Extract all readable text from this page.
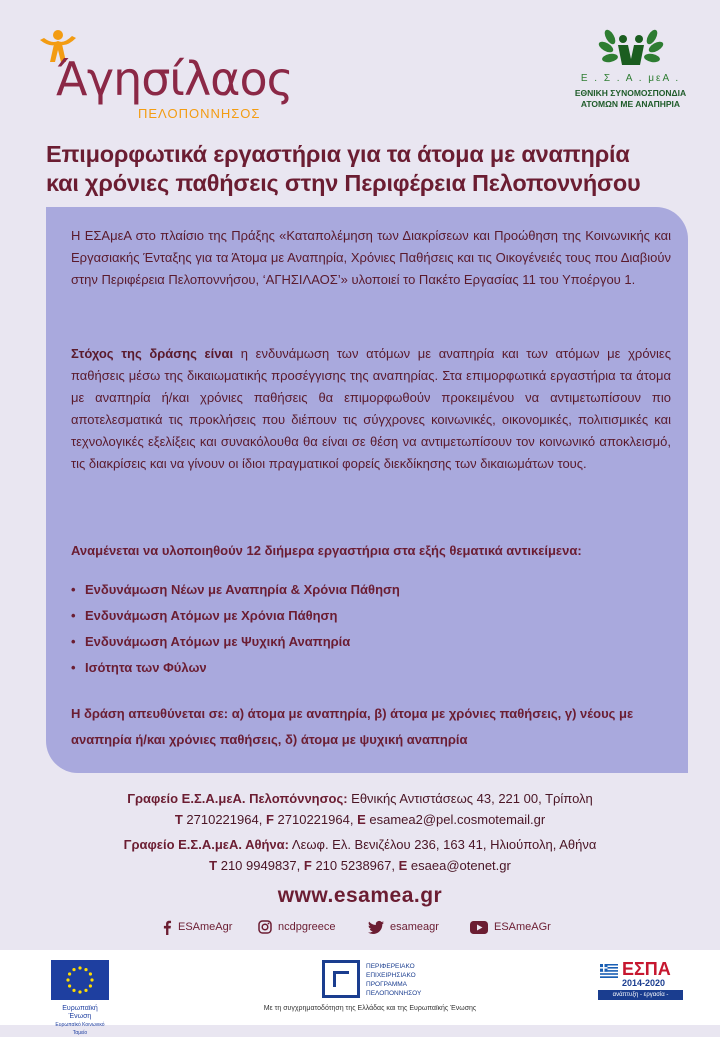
Άγησίλαος
ΠΕΛΟΠΟΝΝΗΣΟΣ
Ε . Σ . Α . μεΑ .
ΕΘΝΙΚΗ ΣΥΝΟΜΟΣΠΟΝΔΙΑ
ΑΤΟΜΩΝ ΜΕ ΑΝΑΠΗΡΙΑ
Επιμορφωτικά εργαστήρια για τα άτομα με αναπηρία
και χρόνιες παθήσεις στην Περιφέρεια Πελοποννήσου

Η ΕΣΑμεΑ στο πλαίσιο της Πράξης «Καταπολέμηση των Διακρίσεων και Προώθηση της Κοινωνικής και Εργασιακής Ένταξης για τα Άτομα με Αναπηρία, Χρόνιες Παθήσεις και τις Οικογένειές τους που Διαβιούν στην Περιφέρεια Πελοποννήσου, ‘ΑΓΗΣΙΛΑΟΣ’» υλοποιεί το Πακέτο Εργασίας 11 του Υποέργου 1.

Στόχος της δράσης είναι η ενδυνάμωση των ατόμων με αναπηρία και των ατόμων με χρόνιες παθήσεις μέσω της δικαιωματικής προσέγγισης της αναπηρίας. Στα επιμορφωτικά εργαστήρια τα άτομα με αναπηρία ή/και χρόνιες παθήσεις θα επιμορφωθούν προκειμένου να αντιμετωπίσουν πιο αποτελεσματικά τις προκλήσεις που διέπουν τις σύγχρονες κοινωνικές, οικονομικές, πολιτισμικές και τεχνολογικές εξελίξεις και συνακόλουθα θα είναι σε θέση να αντιμετωπίσουν τον κοινωνικό αποκλεισμό, τις διακρίσεις και να γίνουν οι ίδιοι πραγματικοί φορείς διεκδίκησης των δικαιωμάτων τους.

Αναμένεται να υλοποιηθούν 12 διήμερα εργαστήρια στα εξής θεματικά αντικείμενα:

• Ενδυνάμωση Νέων με Αναπηρία & Χρόνια Πάθηση
• Ενδυνάμωση Ατόμων με Χρόνια Πάθηση
• Ενδυνάμωση Ατόμων με Ψυχική Αναπηρία
• Ισότητα των Φύλων

Η δράση απευθύνεται σε: α) άτομα με αναπηρία, β) άτομα με χρόνιες παθήσεις, γ) νέους με αναπηρία ή/και χρόνιες παθήσεις, δ) άτομα με ψυχική αναπηρία

Γραφείο Ε.Σ.Α.μεΑ. Πελοπόννησος: Εθνικής Αντιστάσεως 43, 221 00, Τρίπολη
T 2710221964, F 2710221964, E esamea2@pel.cosmotemail.gr
Γραφείο Ε.Σ.Α.μεΑ. Αθήνα: Λεωφ. Ελ. Βενιζέλου 236, 163 41, Ηλιούπολη, Αθήνα
T 210 9949837, F 210 5238967, E esaea@otenet.gr
www.esamea.gr
ESAmeAgr	ncdpgreece	esameagr	ESAmeAGr
Ευρωπαϊκή Ένωση
Ευρωπαϊκό Κοινωνικό Ταμείο
ΠΕΡΙΦΕΡΕΙΑΚΟ ΕΠΙΧΕΙΡΗΣΙΑΚΟ ΠΡΟΓΡΑΜΜΑ ΠΕΛΟΠΟΝΝΗΣΟΥ
Με τη συγχρηματοδότηση της Ελλάδας και της Ευρωπαϊκής Ένωσης
ΕΣΠΑ
2014-2020
ανάπτυξη - εργασία - αλληλεγγύη
